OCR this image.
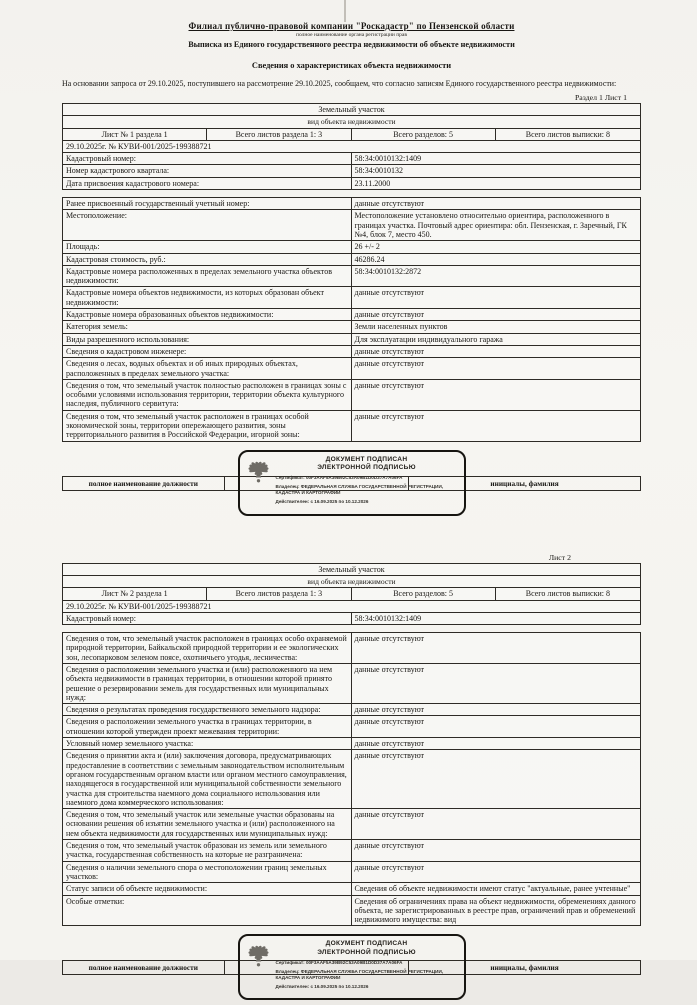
Филиал публично-правовой компании "Роскадастр" по Пензенской области
полное наименование органа регистрации прав
Выписка из Единого государственного реестра недвижимости об объекте недвижимости
Сведения о характеристиках объекта недвижимости
На основании запроса от 29.10.2025, поступившего на рассмотрение 29.10.2025, сообщаем, что согласно записям Единого государственного реестра недвижимости:
Раздел 1 Лист 1
Земельный участок
вид объекта недвижимости
Лист № 1 раздела 1	Всего листов раздела 1: 3	Всего разделов: 5	Всего листов выписки: 8
29.10.2025г. № КУВИ-001/2025-199388721
Кадастровый номер:	58:34:0010132:1409
Номер кадастрового квартала:	58:34:0010132
Дата присвоения кадастрового номера:	23.11.2000
Ранее присвоенный государственный учетный номер:	данные отсутствуют
Местоположение:	Местоположение установлено относительно ориентира, расположенного в границах участка. Почтовый адрес ориентира: обл. Пензенская, г. Заречный, ГК №4, блок 7, место 450.
Площадь:	26 +/- 2
Кадастровая стоимость, руб.:	46286.24
Кадастровые номера расположенных в пределах земельного участка объектов недвижимости:
58:34:0010132:2872
Кадастровые номера объектов недвижимости, из которых образован объект недвижимости:
данные отсутствуют
Кадастровые номера образованных объектов недвижимости:	данные отсутствуют
Категория земель:	Земли населенных пунктов
Виды разрешенного использования:	Для эксплуатации индивидуального гаража
Сведения о кадастровом инженере:	данные отсутствуют
Сведения о лесах, водных объектах и об иных природных объектах, расположенных в пределах земельного участка:
данные отсутствуют
Сведения о том, что земельный участок полностью расположен в границах зоны с особыми условиями использования территории, территории объекта культурного наследия, публичного сервитута:
данные отсутствуют
Сведения о том, что земельный участок расположен в границах особой экономической зоны, территории опережающего развития, зоны территориального развития в Российской Федерации, игорной зоны:
данные отсутствуют
полное наименование должности	инициалы, фамилия
ДОКУМЕНТ ПОДПИСАН
ЭЛЕКТРОННОЙ ПОДПИСЬЮ
Сертификат: 00F3AAF5A39B92C53A09B1D0D37A7A06FA
Владелец: ФЕДЕРАЛЬНАЯ СЛУЖБА ГОСУДАРСТВЕННОЙ РЕГИСТРАЦИИ, КАДАСТРА И КАРТОГРАФИИ
Действителен: с 16.09.2025 по 10.12.2026
Лист 2
Земельный участок
вид объекта недвижимости
Лист № 2 раздела 1	Всего листов раздела 1: 3	Всего разделов: 5	Всего листов выписки: 8
29.10.2025г. № КУВИ-001/2025-199388721
Кадастровый номер:	58:34:0010132:1409
Сведения о том, что земельный участок расположен в границах особо охраняемой природной территории, Байкальской природной территории и ее экологических зон, лесопарковом зеленом поясе, охотничьего угодья, лесничества:
данные отсутствуют
Сведения о расположении земельного участка и (или) расположенного на нем объекта недвижимости в границах территории, в отношении которой принято решение о резервировании земель для государственных или муниципальных нужд:
данные отсутствуют
Сведения о результатах проведения государственного земельного надзора:	данные отсутствуют
Сведения о расположении земельного участка в границах территории, в отношении которой утвержден проект межевания территории:
данные отсутствуют
Условный номер земельного участка:	данные отсутствуют
Сведения о принятии акта и (или) заключения договора, предусматривающих предоставление в соответствии с земельным законодательством исполнительным органом государственным органом власти или органом местного самоуправления, находящегося в государственной или муниципальной собственности земельного участка для строительства наемного дома социального использования или наемного дома коммерческого использования:
данные отсутствуют
Сведения о том, что земельный участок или земельные участки образованы на основании решения об изъятии земельного участка и (или) расположенного на нем объекта недвижимости для государственных или муниципальных нужд:
данные отсутствуют
Сведения о том, что земельный участок образован из земель или земельного участка, государственная собственность на которые не разграничена:
данные отсутствуют
Сведения о наличии земельного спора о местоположении границ земельных участков:
данные отсутствуют
Статус записи об объекте недвижимости:	Сведения об объекте недвижимости имеют статус "актуальные, ранее учтенные"
Особые отметки:	Сведения об ограничениях права на объект недвижимости, обременениях данного объекта, не зарегистрированных в реестре прав, ограничений прав и обременений недвижимого имущества: вид
полное наименование должности	инициалы, фамилия
ДОКУМЕНТ ПОДПИСАН
ЭЛЕКТРОННОЙ ПОДПИСЬЮ
Сертификат: 00F3AAF5A39B92C53A09B1D0D37A7A06FA
Владелец: ФЕДЕРАЛЬНАЯ СЛУЖБА ГОСУДАРСТВЕННОЙ РЕГИСТРАЦИИ, КАДАСТРА И КАРТОГРАФИИ
Действителен: с 16.09.2025 по 10.12.2026
